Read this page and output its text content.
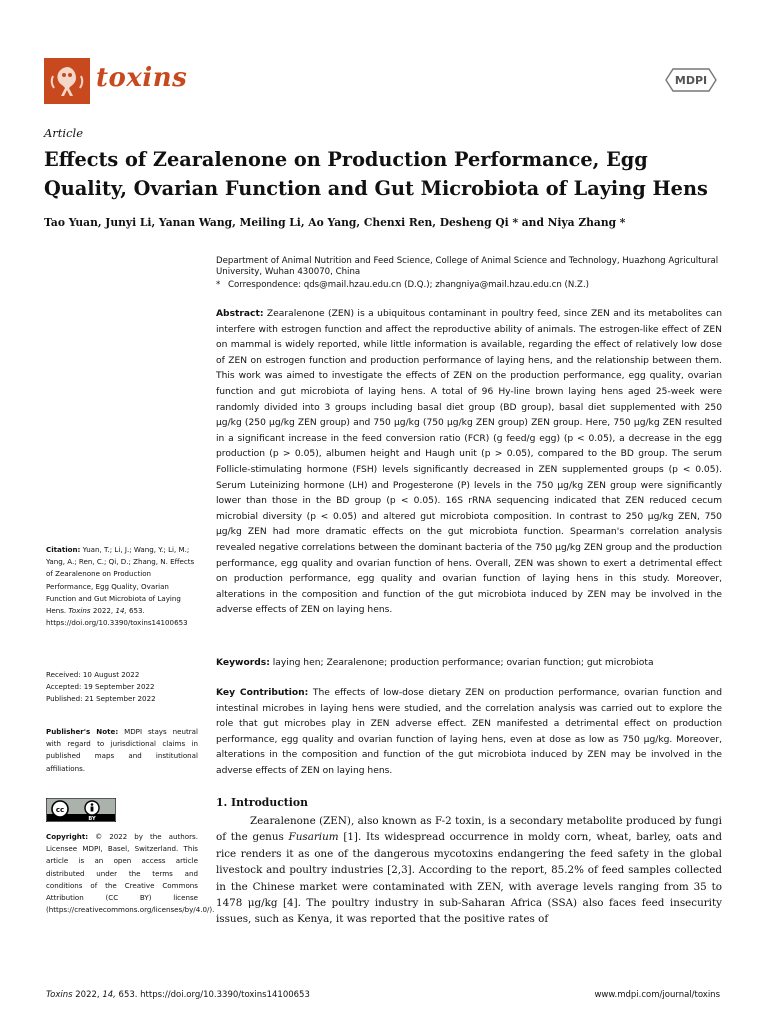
toxins	MDPI
Article
Effects of Zearalenone on Production Performance, Egg Quality, Ovarian Function and Gut Microbiota of Laying Hens
Tao Yuan, Junyi Li, Yanan Wang, Meiling Li, Ao Yang, Chenxi Ren, Desheng Qi * and Niya Zhang *
Department of Animal Nutrition and Feed Science, College of Animal Science and Technology, Huazhong Agricultural University, Wuhan 430070, China
* Correspondence: qds@mail.hzau.edu.cn (D.Q.); zhangniya@mail.hzau.edu.cn (N.Z.)
Abstract: Zearalenone (ZEN) is a ubiquitous contaminant in poultry feed, since ZEN and its metabolites can interfere with estrogen function and affect the reproductive ability of animals. The estrogen-like effect of ZEN on mammal is widely reported, while little information is available, regarding the effect of relatively low dose of ZEN on estrogen function and production performance of laying hens, and the relationship between them. This work was aimed to investigate the effects of ZEN on the production performance, egg quality, ovarian function and gut microbiota of laying hens. A total of 96 Hy-line brown laying hens aged 25-week were randomly divided into 3 groups including basal diet group (BD group), basal diet supplemented with 250 μg/kg (250 μg/kg ZEN group) and 750 μg/kg (750 μg/kg ZEN group) ZEN group. Here, 750 μg/kg ZEN resulted in a significant increase in the feed conversion ratio (FCR) (g feed/g egg) (p < 0.05), a decrease in the egg production (p > 0.05), albumen height and Haugh unit (p > 0.05), compared to the BD group. The serum Follicle-stimulating hormone (FSH) levels significantly decreased in ZEN supplemented groups (p < 0.05). Serum Luteinizing hormone (LH) and Progesterone (P) levels in the 750 μg/kg ZEN group were significantly lower than those in the BD group (p < 0.05). 16S rRNA sequencing indicated that ZEN reduced cecum microbial diversity (p < 0.05) and altered gut microbiota composition. In contrast to 250 μg/kg ZEN, 750 μg/kg ZEN had more dramatic effects on the gut microbiota function. Spearman's correlation analysis revealed negative correlations between the dominant bacteria of the 750 μg/kg ZEN group and the production performance, egg quality and ovarian function of hens. Overall, ZEN was shown to exert a detrimental effect on production performance, egg quality and ovarian function of laying hens in this study. Moreover, alterations in the composition and function of the gut microbiota induced by ZEN may be involved in the adverse effects of ZEN on laying hens.
Keywords: laying hen; Zearalenone; production performance; ovarian function; gut microbiota
Key Contribution: The effects of low-dose dietary ZEN on production performance, ovarian function and intestinal microbes in laying hens were studied, and the correlation analysis was carried out to explore the role that gut microbes play in ZEN adverse effect. ZEN manifested a detrimental effect on production performance, egg quality and ovarian function of laying hens, even at dose as low as 750 μg/kg. Moreover, alterations in the composition and function of the gut microbiota induced by ZEN may be involved in the adverse effects of ZEN on laying hens.
1. Introduction

Zearalenone (ZEN), also known as F-2 toxin, is a secondary metabolite produced by fungi of the genus Fusarium [1]. Its widespread occurrence in moldy corn, wheat, barley, oats and rice renders it as one of the dangerous mycotoxins endangering the feed safety in the global livestock and poultry industries [2,3]. According to the report, 85.2% of feed samples collected in the Chinese market were contaminated with ZEN, with average levels ranging from 35 to 1478 μg/kg [4]. The poultry industry in sub-Saharan Africa (SSA) also faces feed insecurity issues, such as Kenya, it was reported that the positive rates of

Citation: Yuan, T.; Li, J.; Wang, Y.; Li, M.; Yang, A.; Ren, C.; Qi, D.; Zhang, N. Effects of Zearalenone on Production Performance, Egg Quality, Ovarian Function and Gut Microbiota of Laying Hens. Toxins 2022, 14, 653. https://doi.org/10.3390/toxins14100653
Received: 10 August 2022
Accepted: 19 September 2022
Published: 21 September 2022
Publisher's Note: MDPI stays neutral with regard to jurisdictional claims in published maps and institutional affiliations.
cc
BY
Copyright: © 2022 by the authors. Licensee MDPI, Basel, Switzerland. This article is an open access article distributed under the terms and conditions of the Creative Commons Attribution (CC BY) license (https://creativecommons.org/licenses/by/4.0/).
Toxins 2022, 14, 653. https://doi.org/10.3390/toxins14100653	www.mdpi.com/journal/toxins
